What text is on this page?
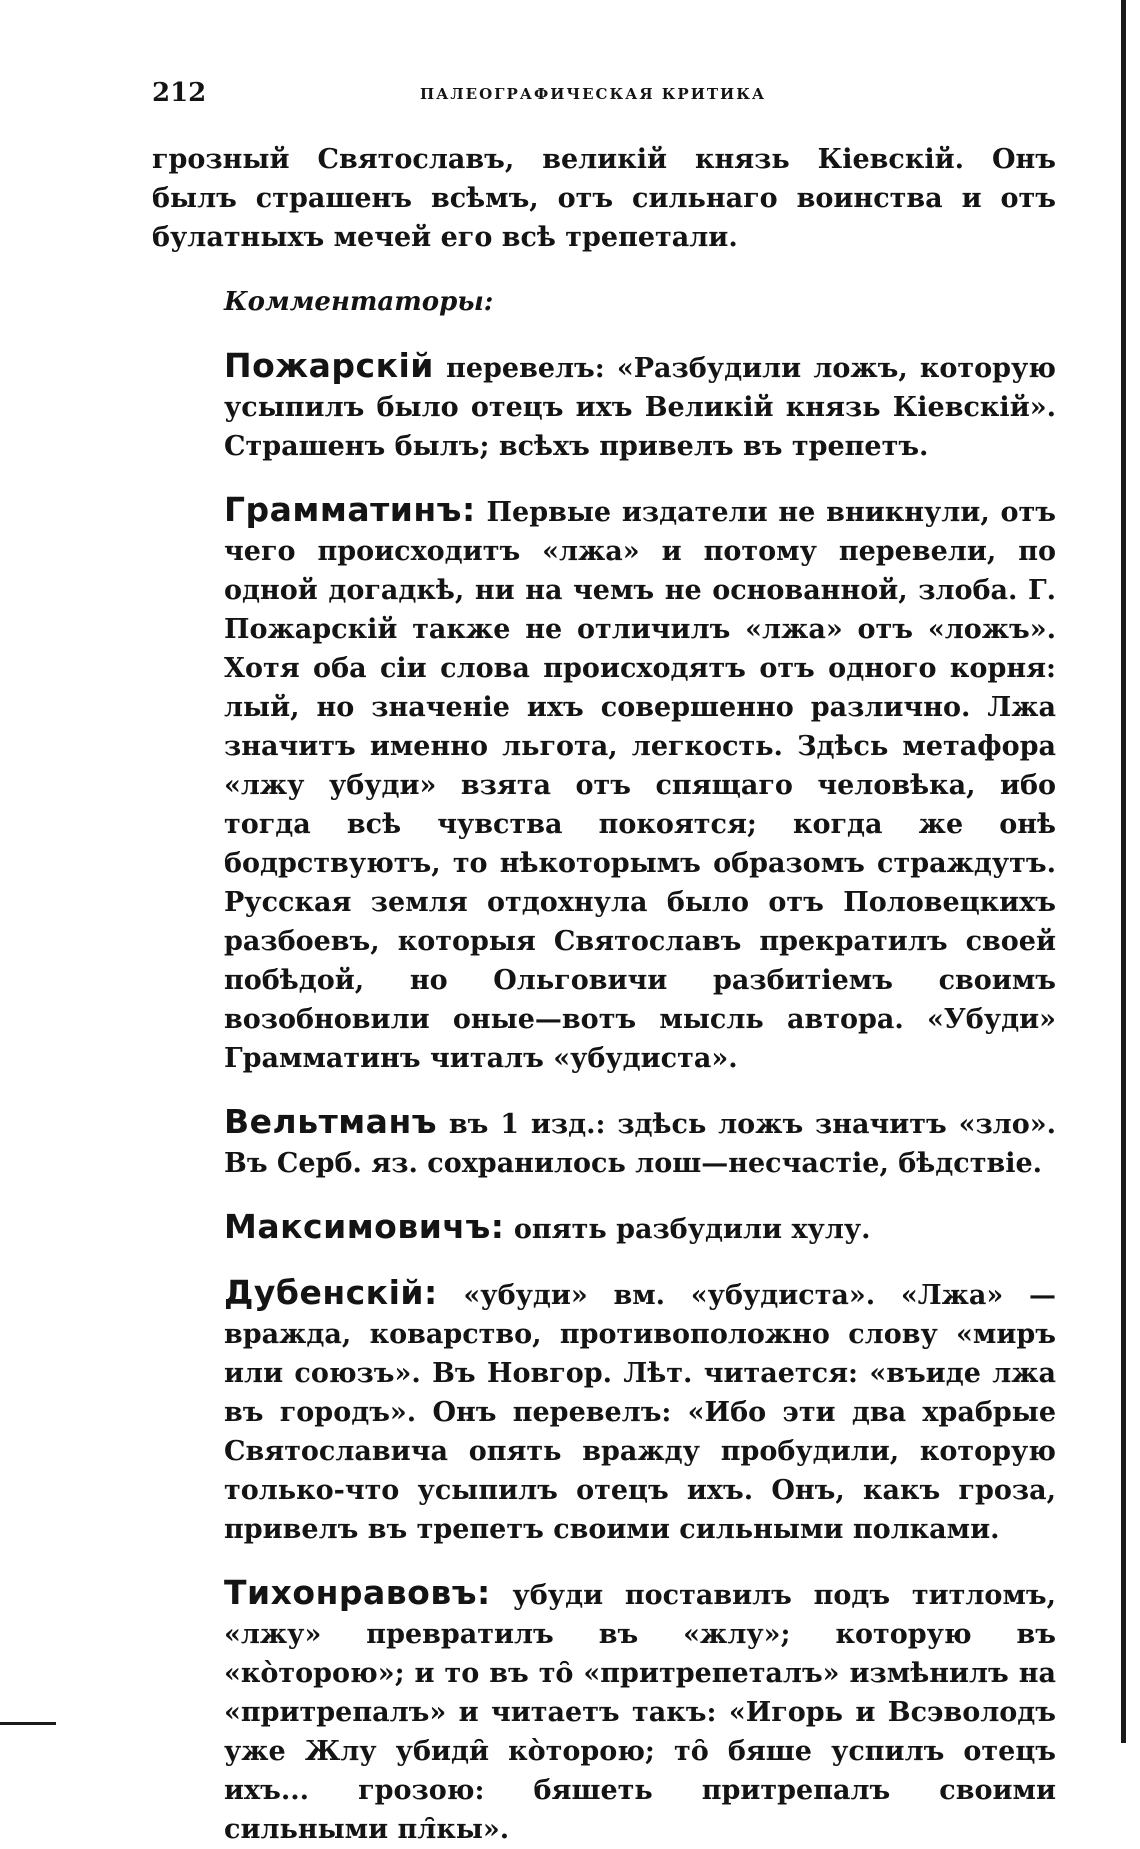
212	ПАЛЕОГРАФИЧЕСКАЯ КРИТИКА

грозный Святославъ, великій князь Кіевскій. Онъ былъ страшенъ всѣмъ, отъ сильнаго воинства и отъ булатныхъ мечей его всѣ трепетали.

Комментаторы:

Пожарскій перевелъ: «Разбудили ложъ, которую усыпилъ было отецъ ихъ Великій князь Кіевскій». Страшенъ былъ; всѣхъ привелъ въ трепетъ.

Грамматинъ: Первые издатели не вникнули, отъ чего происходитъ «лжа» и потому перевели, по одной догадкѣ, ни на чемъ не основанной, злоба. Г. Пожарскій также не отличилъ «лжа» отъ «ложъ». Хотя оба сіи слова происходятъ отъ одного корня: лый, но значеніе ихъ совершенно различно. Лжа значитъ именно льгота, легкость. Здѣсь метафора «лжу убуди» взята отъ спящаго человѣка, ибо тогда всѣ чувства покоятся; когда же онѣ бодрствуютъ, то нѣкоторымъ образомъ страждутъ. Русская земля отдохнула было отъ Половецкихъ разбоевъ, которыя Святославъ прекратилъ своей побѣдой, но Ольговичи разбитіемъ своимъ возобновили оные—вотъ мысль автора. «Убуди» Грамматинъ читалъ «убудиста».

Вельтманъ въ 1 изд.: здѣсь ложъ значитъ «зло». Въ Серб. яз. сохранилось лош—несчастіе, бѣдствіе.

Максимовичъ: опять разбудили хулу.

Дубенскій: «убуди» вм. «убудиста». «Лжа» — вражда, коварство, противоположно слову «миръ или союзъ». Въ Новгор. Лѣт. читается: «въиде лжа въ городъ». Онъ перевелъ: «Ибо эти два храбрые Святославича опять вражду пробудили, которую только-что усыпилъ отецъ ихъ. Онъ, какъ гроза, привелъ въ трепетъ своими сильными полками.

Тихонравовъ: убуди поставилъ подъ титломъ, «лжу» превратилъ въ «жлу»; которую въ «ко̀торою»; и то въ то̑ «притрепеталъ» измѣнилъ на «притрепалъ» и читаетъ такъ: «Игорь и Всэволодъ уже Жлу убиди̑ ко̀торою; то̑ бяше успилъ отецъ ихъ... грозою: бяшеть притрепалъ своими сильными пл̑кы».
